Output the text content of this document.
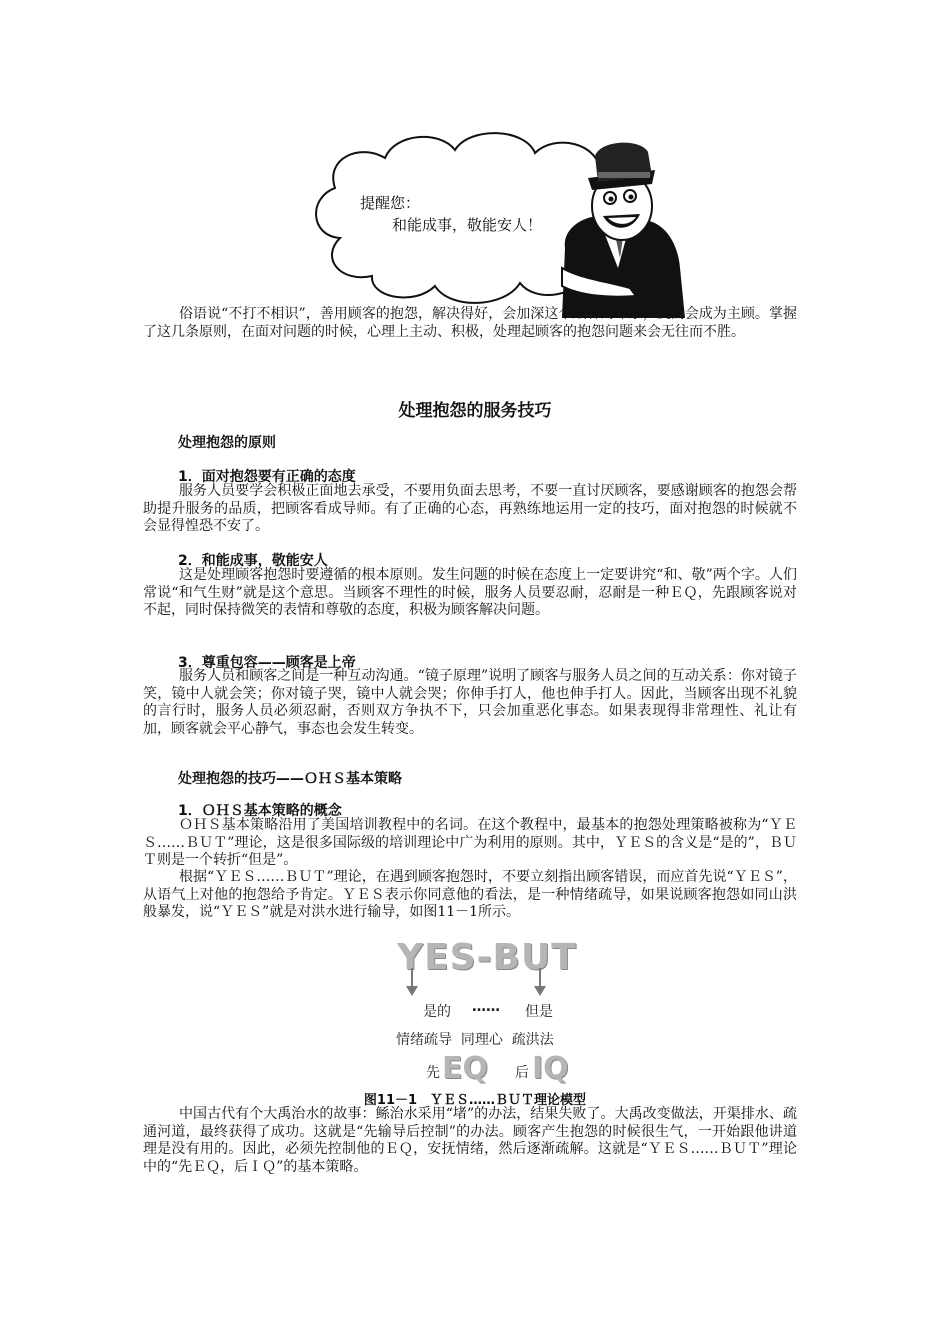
提醒您：
和能成事，敬能安人！

俗语说“不打不相识”，善用顾客的抱怨，解决得好，会加深这个顾客的印象，反而会成为主顾。掌握了这几条原则，在面对问题的时候，心理上主动、积极，处理起顾客的抱怨问题来会无往而不胜。

处理抱怨的服务技巧
处理抱怨的原则
1．面对抱怨要有正确的态度

服务人员要学会积极正面地去承受，不要用负面去思考，不要一直讨厌顾客，要感谢顾客的抱怨会帮助提升服务的品质，把顾客看成导师。有了正确的心态，再熟练地运用一定的技巧，面对抱怨的时候就不会显得惶恐不安了。

2．和能成事，敬能安人

这是处理顾客抱怨时要遵循的根本原则。发生问题的时候在态度上一定要讲究“和、敬”两个字。人们常说“和气生财”就是这个意思。当顾客不理性的时候，服务人员要忍耐，忍耐是一种ＥＱ，先跟顾客说对不起，同时保持微笑的表情和尊敬的态度，积极为顾客解决问题。

3．尊重包容——顾客是上帝

服务人员和顾客之间是一种互动沟通。“镜子原理”说明了顾客与服务人员之间的互动关系：你对镜子笑，镜中人就会笑；你对镜子哭，镜中人就会哭；你伸手打人，他也伸手打人。因此，当顾客出现不礼貌的言行时，服务人员必须忍耐，否则双方争执不下，只会加重恶化事态。如果表现得非常理性、礼让有加，顾客就会平心静气，事态也会发生转变。

处理抱怨的技巧——ＯＨＳ基本策略
1．ＯＨＳ基本策略的概念

ＯＨＳ基本策略沿用了美国培训教程中的名词。在这个教程中，最基本的抱怨处理策略被称为“ＹＥＳ……ＢＵＴ”理论，这是很多国际级的培训理论中广为利用的原则。其中，ＹＥＳ的含义是“是的”，ＢＵＴ则是一个转折“但是”。

根据“ＹＥＳ……ＢＵＴ”理论，在遇到顾客抱怨时，不要立刻指出顾客错误，而应首先说“ＹＥＳ”，从语气上对他的抱怨给予肯定。ＹＥＳ表示你同意他的看法，是一种情绪疏导，如果说顾客抱怨如同山洪般暴发，说“ＹＥＳ”就是对洪水进行输导，如图11－1所示。

YES-BUT
是的 …… 但是
情绪疏导  同理心  疏洪法
先 EQ 后 IQ
图11－1　ＹＥＳ……ＢＵＴ理论模型

中国古代有个大禹治水的故事：鲧治水采用“堵”的办法，结果失败了。大禹改变做法，开渠排水、疏通河道，最终获得了成功。这就是“先输导后控制”的办法。顾客产生抱怨的时候很生气，一开始跟他讲道理是没有用的。因此，必须先控制他的ＥＱ，安抚情绪，然后逐渐疏解。这就是“ＹＥＳ……ＢＵＴ”理论中的“先ＥＱ，后ＩＱ”的基本策略。
